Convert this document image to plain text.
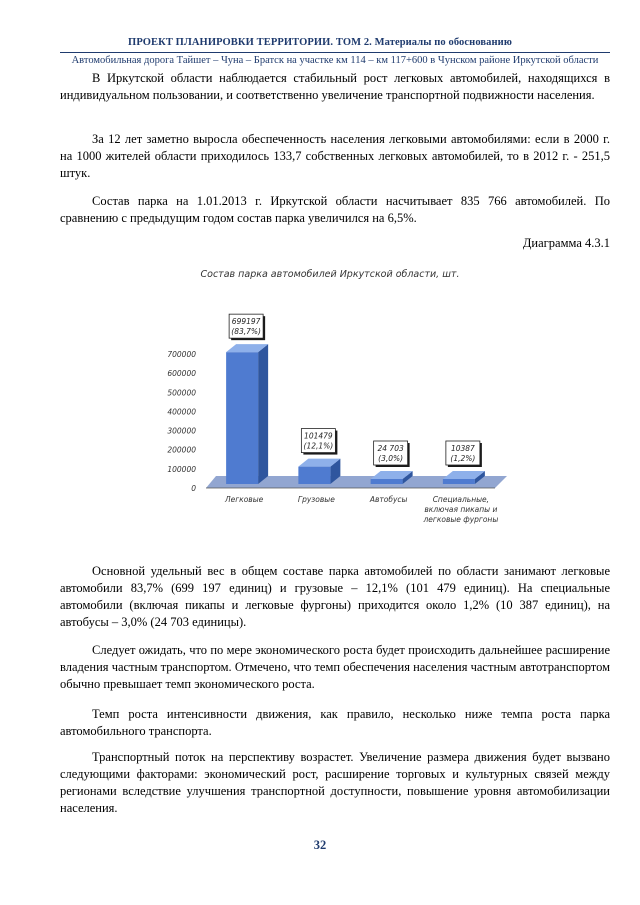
ПРОЕКТ ПЛАНИРОВКИ ТЕРРИТОРИИ. ТОМ 2. Материалы по обоснованию
Автомобильная дорога Тайшет – Чуна – Братск на участке км 114 – км 117+600 в Чунском районе Иркутской области

В Иркутской области наблюдается стабильный рост легковых автомобилей, находящихся в индивидуальном пользовании, и соответственно увеличение транспортной подвижности населения.

За 12 лет заметно выросла обеспеченность населения легковыми автомобилями: если в 2000 г. на 1000 жителей области приходилось 133,7 собственных легковых автомобилей, то в 2012 г. - 251,5 штук.

Состав парка на 1.01.2013 г. Иркутской области насчитывает 835 766 автомобилей. По сравнению с предыдущим годом состав парка увеличился на 6,5%.

Диаграмма 4.3.1
Состав парка автомобилей Иркутской области, шт.
0
100000
200000
300000
400000
500000
600000
700000
699197
(83,7%)
Легковые
101479
(12,1%)
Грузовые
24 703
(3,0%)
Автобусы
10387
(1,2%)
Специальные,
включая пикапы и
легковые фургоны

Основной удельный вес в общем составе парка автомобилей по области занимают легковые автомобили 83,7% (699 197 единиц) и грузовые – 12,1% (101 479 единиц). На специальные автомобили (включая пикапы и легковые фургоны) приходится около 1,2% (10 387 единиц), на автобусы – 3,0% (24 703 единицы).

Следует ожидать, что по мере экономического роста будет происходить дальнейшее расширение владения частным транспортом. Отмечено, что темп обеспечения населения частным автотранспортом обычно превышает темп экономического роста.

Темп роста интенсивности движения, как правило, несколько ниже темпа роста парка автомобильного транспорта.

Транспортный поток на перспективу возрастет. Увеличение размера движения будет вызвано следующими факторами: экономический рост, расширение торговых и культурных связей между регионами вследствие улучшения транспортной доступности, повышение уровня автомобилизации населения.

32
